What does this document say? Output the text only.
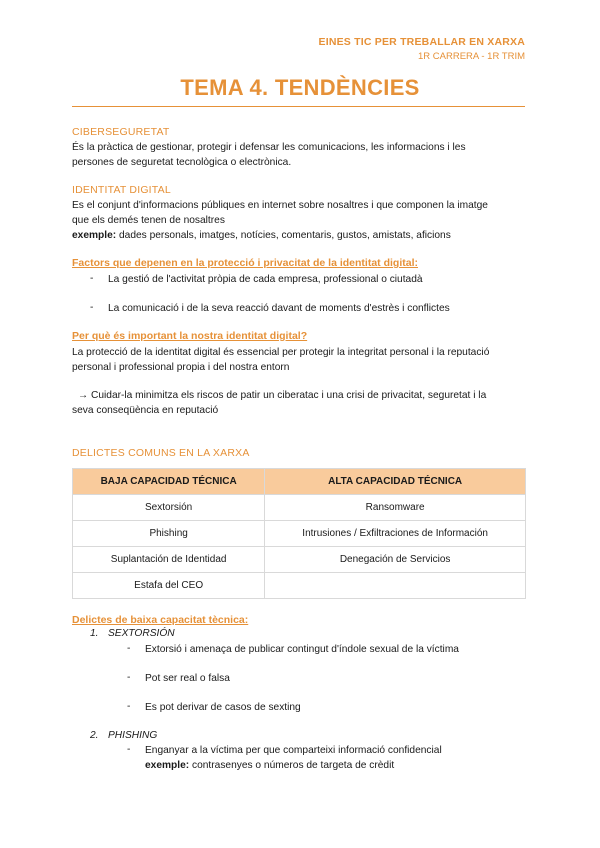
EINES TIC PER TREBALLAR EN XARXA
1R CARRERA - 1R TRIM
TEMA 4. TENDÈNCIES
CIBERSEGURETAT
És la pràctica de gestionar, protegir i defensar les comunicacions, les informacions i les
persones de seguretat tecnològica o electrònica.
IDENTITAT DIGITAL
Es el conjunt d'informacions públiques en internet sobre nosaltres i que componen la imatge
que els demés tenen de nosaltres
exemple: dades personals, imatges, notícies, comentaris, gustos, amistats, aficions
Factors que depenen en la protecció i privacitat de la identitat digital:
- La gestió de l'activitat pròpia de cada empresa, professional o ciutadà
- La comunicació i de la seva reacció davant de moments d'estrès i conflictes
Per què és important la nostra identitat digital?
La protecció de la identitat digital és essencial per protegir la integritat personal i la reputació
personal i professional propia i del nostra entorn
→ Cuidar-la minimitza els riscos de patir un ciberatac i una crisi de privacitat, seguretat i la
seva conseqüència en reputació
DELICTES COMUNS EN LA XARXA
BAJA CAPACIDAD TÉCNICA	ALTA CAPACIDAD TÉCNICA
Sextorsión	Ransomware
Phishing	Intrusiones / Exfiltraciones de Información
Suplantación de Identidad	Denegación de Servicios
Estafa del CEO	
Delictes de baixa capacitat tècnica:
1. SEXTORSIÓN
- Extorsió i amenaça de publicar contingut d'índole sexual de la víctima
- Pot ser real o falsa
- Es pot derivar de casos de sexting
2. PHISHING
- Enganyar a la víctima per que comparteixi informació confidencial
exemple: contrasenyes o números de targeta de crèdit
